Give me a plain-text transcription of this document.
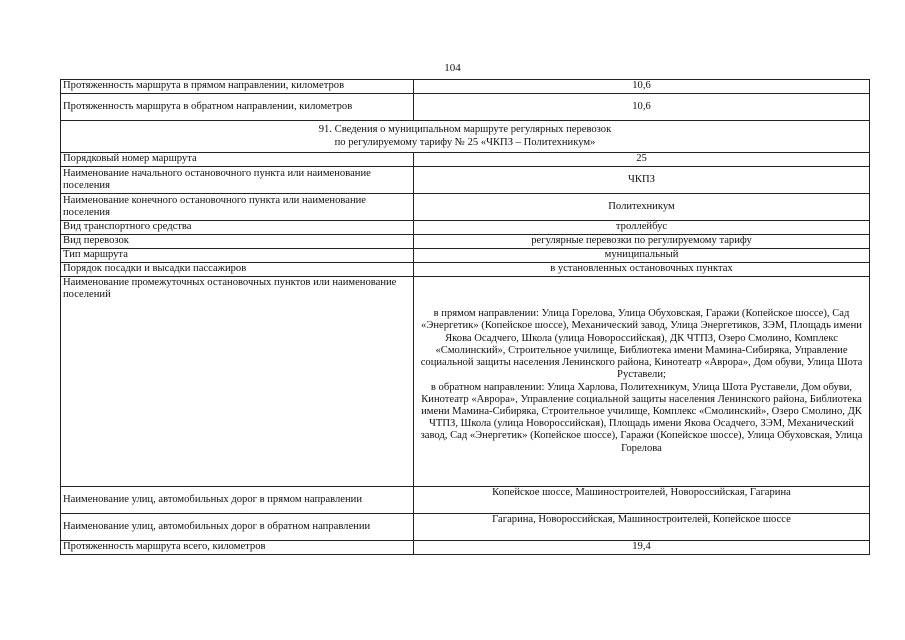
104
Протяженность маршрута в прямом направлении, километров	10,6
Протяженность маршрута в обратном направлении, километров	10,6

91. Сведения о муниципальном маршруте регулярных перевозок
по регулируемому тарифу № 25 «ЧКПЗ – Политехникум»	

Порядковый номер маршрута	25
Наименование начального остановочного пункта или наименование поселения	ЧКПЗ
Наименование конечного остановочного пункта или наименование поселения	Политехникум
Вид транспортного средства	троллейбус
Вид перевозок	регулярные перевозки по регулируемому тарифу
Тип маршрута	муниципальный
Порядок посадки и высадки пассажиров	в установленных остановочных пунктах
Наименование промежуточных остановочных пунктов или наименование поселений	в прямом направлении: Улица Горелова, Улица Обуховская, Гаражи (Копейское шоссе), Сад «Энергетик» (Копейское шоссе), Механический завод, Улица Энергетиков, ЗЭМ, Площадь имени Якова Осадчего, Школа (улица Новороссийская), ДК ЧТПЗ, Озеро Смолино, Комплекс «Смолинский», Строительное училище, Библиотека имени Мамина-Сибиряка, Управление социальной защиты населения Ленинского района, Кинотеатр «Аврора», Дом обуви, Улица Шота Руставели;
в обратном направлении: Улица Харлова, Политехникум, Улица Шота Руставели, Дом обуви, Кинотеатр «Аврора», Управление социальной защиты населения Ленинского района, Библиотека имени Мамина-Сибиряка, Строительное училище, Комплекс «Смолинский», Озеро Смолино, ДК ЧТПЗ, Школа (улица Новороссийская), Площадь имени Якова Осадчего, ЗЭМ, Механический завод, Сад «Энергетик» (Копейское шоссе), Гаражи (Копейское шоссе), Улица Обуховская, Улица Горелова

Наименование улиц, автомобильных дорог в прямом направлении	Копейское шоссе, Машиностроителей, Новороссийская, Гагарина
Наименование улиц, автомобильных дорог в обратном направлении	Гагарина, Новороссийская, Машиностроителей, Копейское шоссе
Протяженность маршрута всего, километров	19,4
